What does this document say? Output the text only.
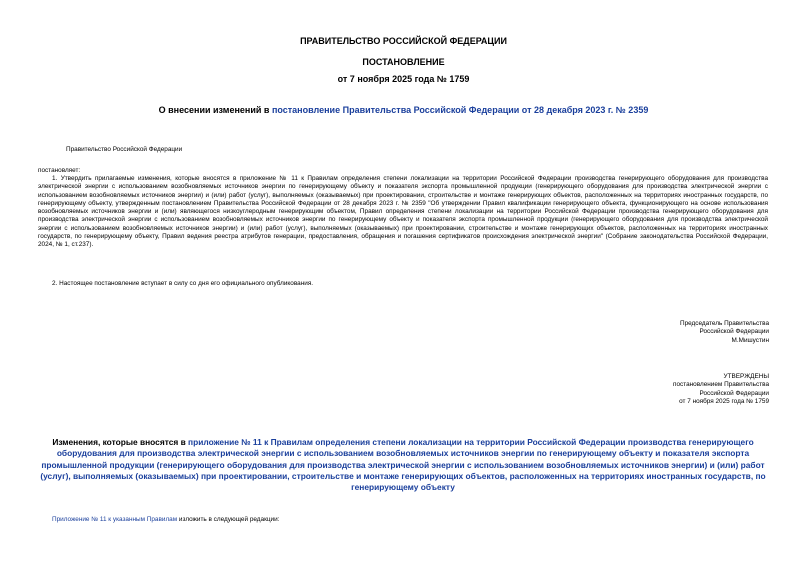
ПРАВИТЕЛЬСТВО РОССИЙСКОЙ ФЕДЕРАЦИИ
ПОСТАНОВЛЕНИЕ
от 7 ноября 2025 года № 1759
О внесении изменений в постановление Правительства Российской Федерации от 28 декабря 2023 г. № 2359
Правительство Российской Федерации
постановляет:
1. Утвердить прилагаемые изменения, которые вносятся в приложение № 11 к Правилам определения степени локализации на территории Российской Федерации производства генерирующего оборудования для производства электрической энергии с использованием возобновляемых источников энергии по генерирующему объекту и показателя экспорта промышленной продукции (генерирующего оборудования для производства электрической энергии с использованием возобновляемых источников энергии) и (или) работ (услуг), выполняемых (оказываемых) при проектировании, строительстве и монтаже генерирующих объектов, расположенных на территориях иностранных государств, по генерирующему объекту, утвержденным постановлением Правительства Российской Федерации от 28 декабря 2023 г. № 2359 "Об утверждении Правил квалификации генерирующего объекта, функционирующего на основе использования возобновляемых источников энергии и (или) являющегося низкоуглеродным генерирующим объектом, Правил определения степени локализации на территории Российской Федерации производства генерирующего оборудования для производства электрической энергии с использованием возобновляемых источников энергии по генерирующему объекту и показателя экспорта промышленной продукции (генерирующего оборудования для производства электрической энергии с использованием возобновляемых источников энергии) и (или) работ (услуг), выполняемых (оказываемых) при проектировании, строительстве и монтаже генерирующих объектов, расположенных на территориях иностранных государств, по генерирующему объекту, Правил ведения реестра атрибутов генерации, предоставления, обращения и погашения сертификатов происхождения электрической энергии" (Собрание законодательства Российской Федерации, 2024, № 1, ст.237).
2. Настоящее постановление вступает в силу со дня его официального опубликования.
Председатель Правительства
Российской Федерации
М.Мишустин
УТВЕРЖДЕНЫ
постановлением Правительства
Российской Федерации
от 7 ноября 2025 года № 1759
Изменения, которые вносятся в приложение № 11 к Правилам определения степени локализации на территории Российской Федерации производства генерирующего оборудования для производства электрической энергии с использованием возобновляемых источников энергии по генерирующему объекту и показателя экспорта промышленной продукции (генерирующего оборудования для производства электрической энергии с использованием возобновляемых источников энергии) и (или) работ (услуг), выполняемых (оказываемых) при проектировании, строительстве и монтаже генерирующих объектов, расположенных на территориях иностранных государств, по генерирующему объекту
Приложение № 11 к указанным Правилам изложить в следующей редакции:
